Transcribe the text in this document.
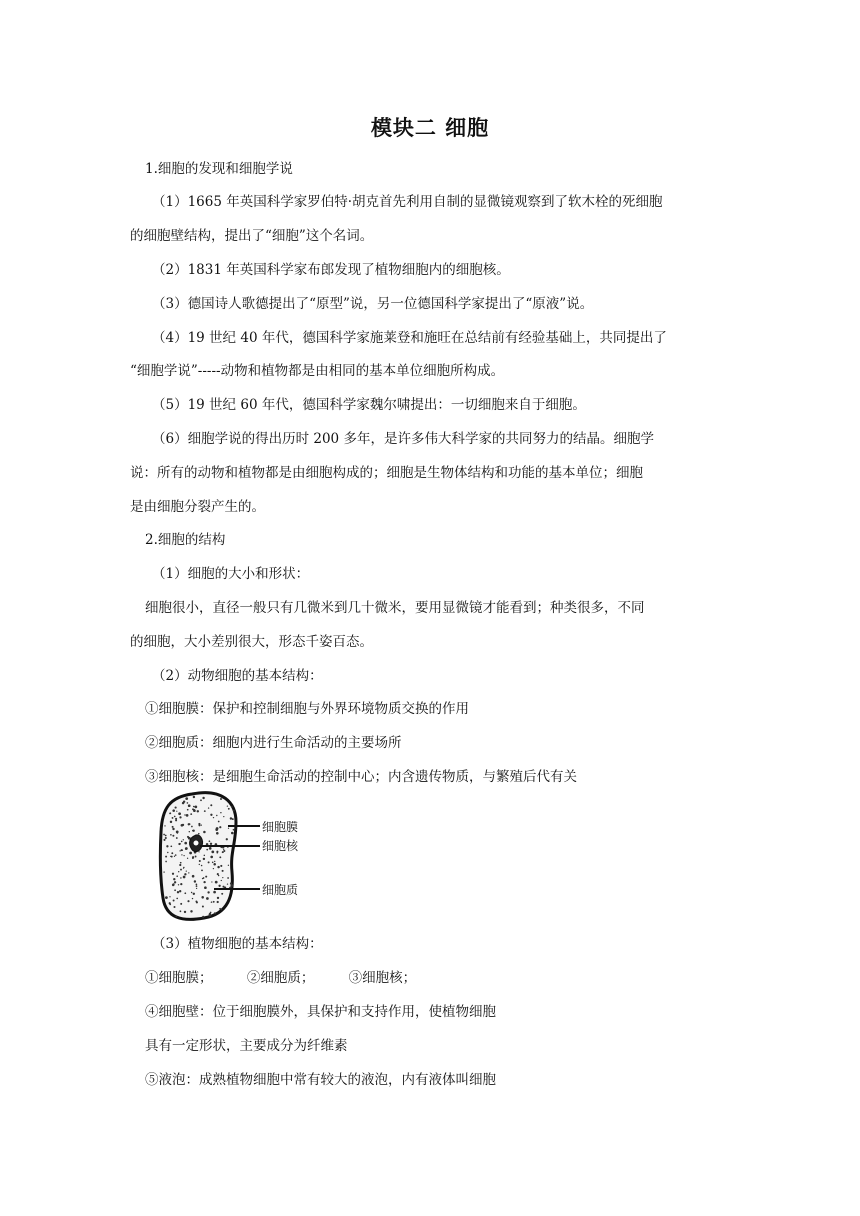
模块二 细胞
1.细胞的发现和细胞学说
（1）1665 年英国科学家罗伯特·胡克首先利用自制的显微镜观察到了软木栓的死细胞
的细胞壁结构，提出了“细胞”这个名词。
（2）1831 年英国科学家布郎发现了植物细胞内的细胞核。
（3）德国诗人歌德提出了“原型”说，另一位德国科学家提出了“原液”说。
（4）19 世纪 40 年代，德国科学家施莱登和施旺在总结前有经验基础上，共同提出了
“细胞学说”-----动物和植物都是由相同的基本单位细胞所构成。
（5）19 世纪 60 年代，德国科学家魏尔啸提出：一切细胞来自于细胞。
（6）细胞学说的得出历时 200 多年，是许多伟大科学家的共同努力的结晶。细胞学
说：所有的动物和植物都是由细胞构成的；细胞是生物体结构和功能的基本单位；细胞
是由细胞分裂产生的。
2.细胞的结构
（1）细胞的大小和形状：
细胞很小，直径一般只有几微米到几十微米，要用显微镜才能看到；种类很多，不同
的细胞，大小差别很大，形态千姿百态。
（2）动物细胞的基本结构：
①细胞膜：保护和控制细胞与外界环境物质交换的作用
②细胞质：细胞内进行生命活动的主要场所
③细胞核：是细胞生命活动的控制中心；内含遗传物质，与繁殖后代有关
细胞膜
细胞核
细胞质
（3）植物细胞的基本结构：
①细胞膜；        ②细胞质；        ③细胞核；
④细胞壁：位于细胞膜外，具保护和支持作用，使植物细胞
具有一定形状，主要成分为纤维素
⑤液泡：成熟植物细胞中常有较大的液泡，内有液体叫细胞
